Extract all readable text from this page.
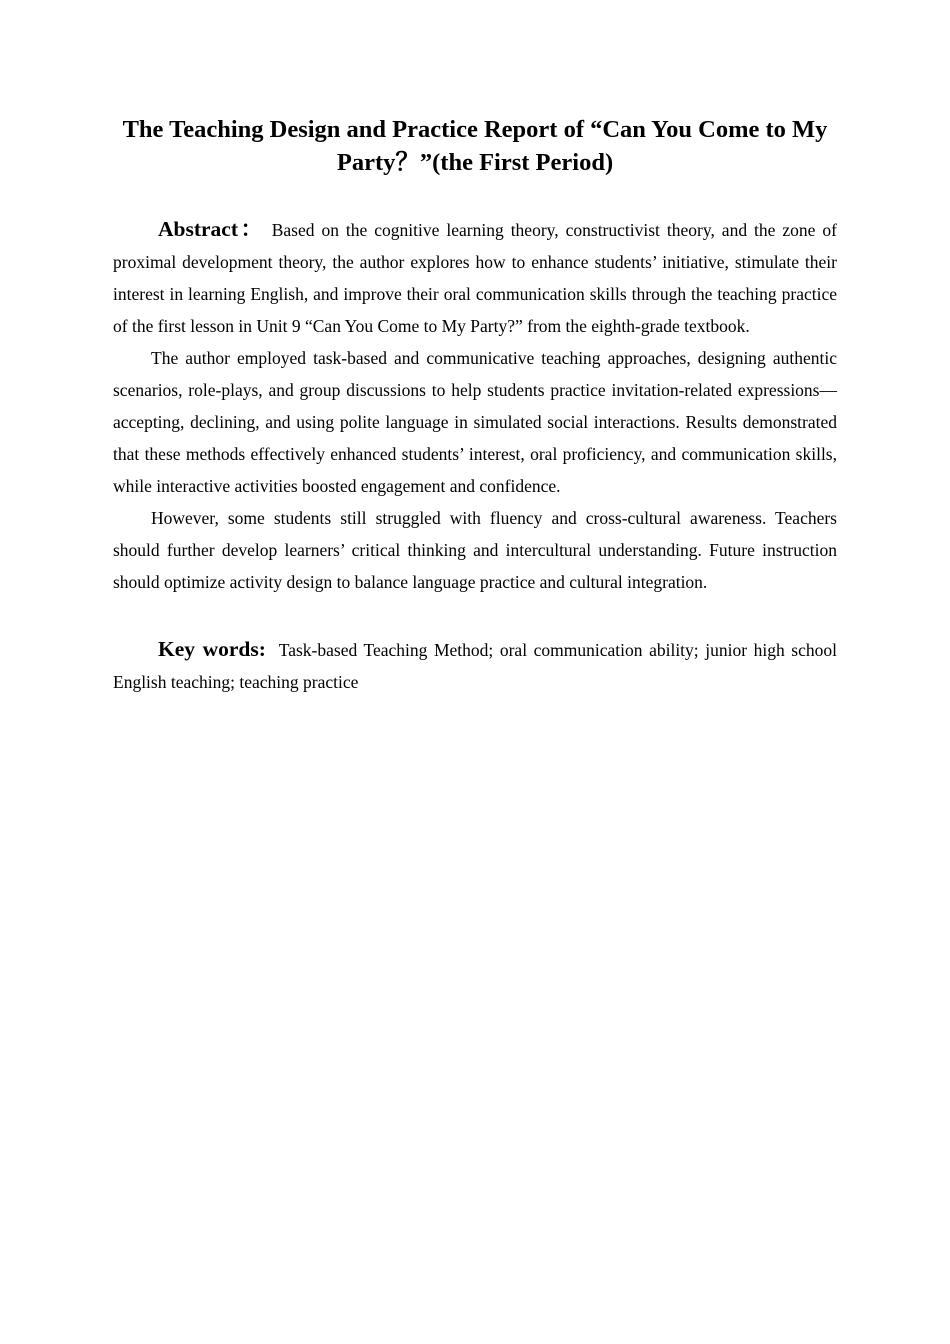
The Teaching Design and Practice Report of “Can You Come to My Party？”(the First Period)

Abstract： Based on the cognitive learning theory, constructivist theory, and the zone of proximal development theory, the author explores how to enhance students’ initiative, stimulate their interest in learning English, and improve their oral communication skills through the teaching practice of the first lesson in Unit 9 “Can You Come to My Party?” from the eighth-grade textbook.

The author employed task-based and communicative teaching approaches, designing authentic scenarios, role-plays, and group discussions to help students practice invitation-related expressions—accepting, declining, and using polite language in simulated social interactions. Results demonstrated that these methods effectively enhanced students’ interest, oral proficiency, and communication skills, while interactive activities boosted engagement and confidence.

However, some students still struggled with fluency and cross-cultural awareness. Teachers should further develop learners’ critical thinking and intercultural understanding. Future instruction should optimize activity design to balance language practice and cultural integration.

Key words: Task-based Teaching Method; oral communication ability; junior high school English teaching; teaching practice
